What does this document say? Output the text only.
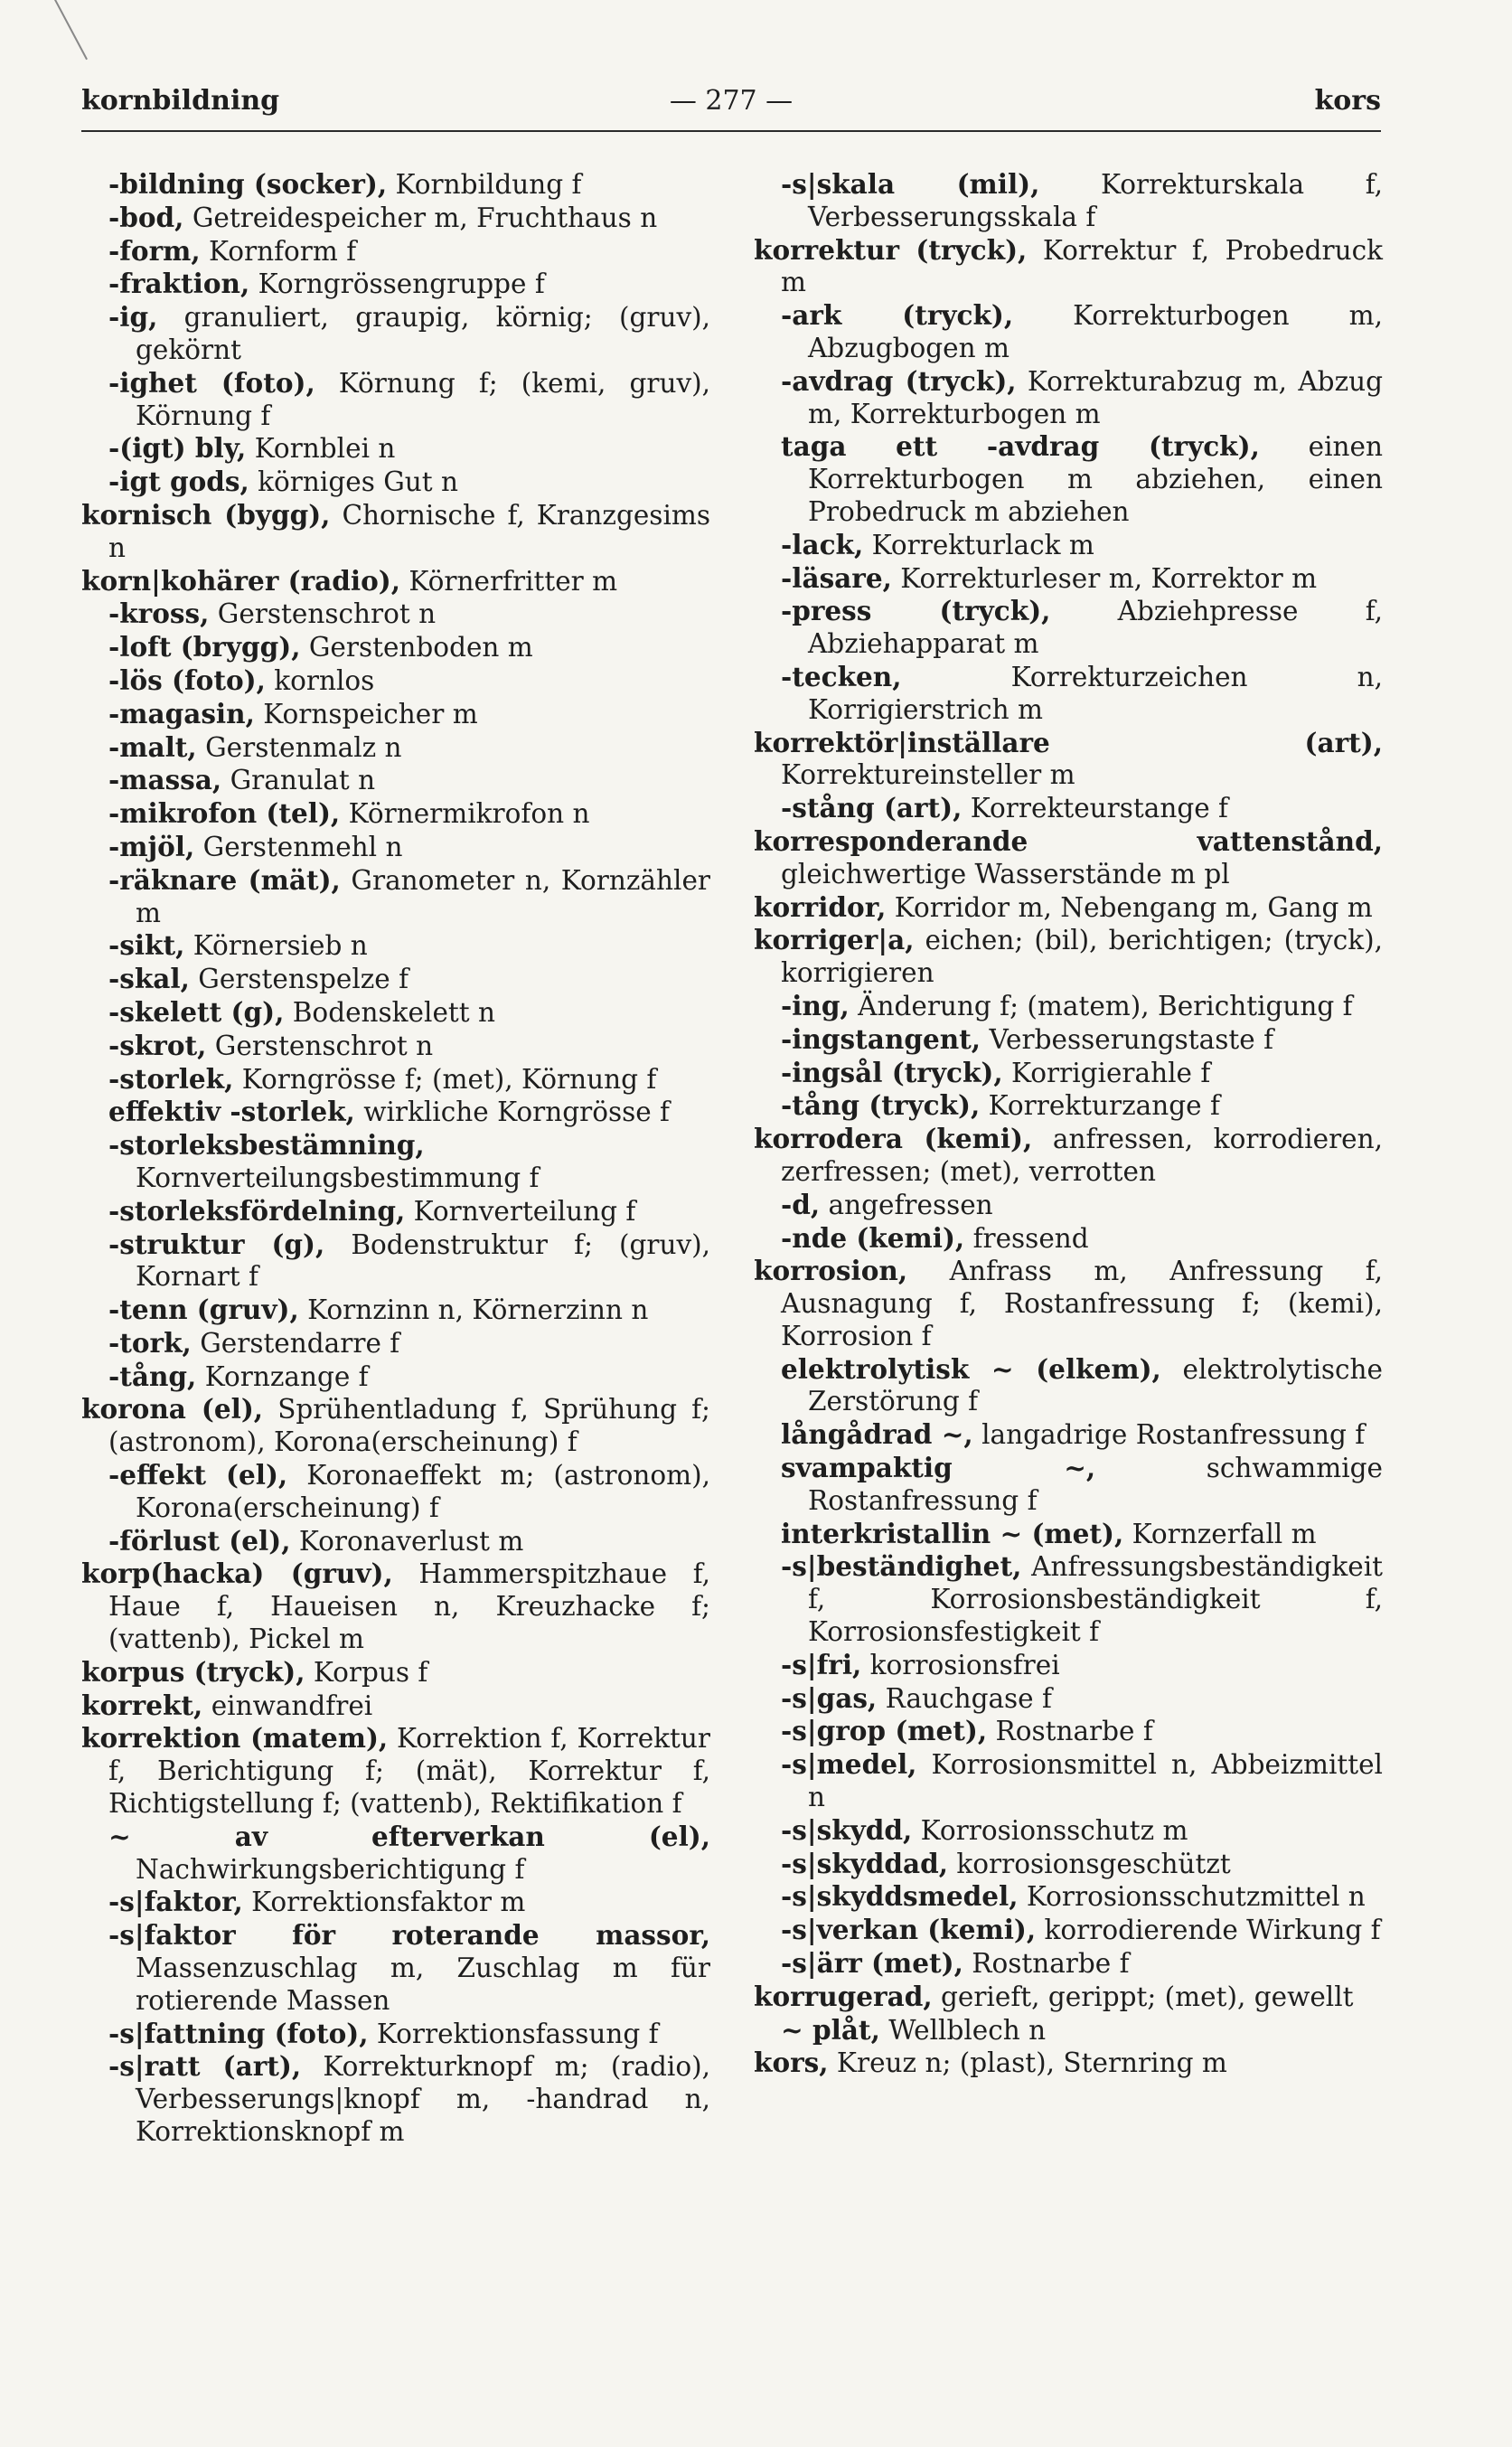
kornbildning	— 277 —	kors

-bildning (socker), Kornbildung f

-bod, Getreidespeicher m, Fruchthaus n

-form, Kornform f

-fraktion, Korngrössengruppe f

-ig, granuliert, graupig, körnig; (gruv), gekörnt

-ighet (foto), Körnung f; (kemi, gruv), Körnung f

-(igt) bly, Kornblei n

-igt gods, körniges Gut n

kornisch (bygg), Chornische f, Kranzgesims n

korn|kohärer (radio), Körnerfritter m

-kross, Gerstenschrot n

-loft (brygg), Gerstenboden m

-lös (foto), kornlos

-magasin, Kornspeicher m

-malt, Gerstenmalz n

-massa, Granulat n

-mikrofon (tel), Körnermikrofon n

-mjöl, Gerstenmehl n

-räknare (mät), Granometer n, Kornzähler m

-sikt, Körnersieb n

-skal, Gerstenspelze f

-skelett (g), Bodenskelett n

-skrot, Gerstenschrot n

-storlek, Korngrösse f; (met), Körnung f

effektiv -storlek, wirkliche Korngrösse f

-storleksbestämning, Kornverteilungsbestimmung f

-storleksfördelning, Kornverteilung f

-struktur (g), Bodenstruktur f; (gruv), Kornart f

-tenn (gruv), Kornzinn n, Körnerzinn n

-tork, Gerstendarre f

-tång, Kornzange f

korona (el), Sprühentladung f, Sprühung f; (astronom), Korona(erscheinung) f

-effekt (el), Koronaeffekt m; (astronom), Korona(erscheinung) f

-förlust (el), Koronaverlust m

korp(hacka) (gruv), Hammerspitzhaue f, Haue f, Haueisen n, Kreuzhacke f; (vattenb), Pickel m

korpus (tryck), Korpus f

korrekt, einwandfrei

korrektion (matem), Korrektion f, Korrektur f, Berichtigung f; (mät), Korrektur f, Richtigstellung f; (vattenb), Rektifikation f

~ av efterverkan (el), Nachwirkungsberichtigung f

-s|faktor, Korrektionsfaktor m

-s|faktor för roterande massor, Massenzuschlag m, Zuschlag m für rotierende Massen

-s|fattning (foto), Korrektionsfassung f

-s|ratt (art), Korrekturknopf m; (radio), Verbesserungs|knopf m, -handrad n, Korrektionsknopf m

-s|skala (mil), Korrekturskala f, Verbesserungsskala f

korrektur (tryck), Korrektur f, Probedruck m

-ark (tryck), Korrekturbogen m, Abzugbogen m

-avdrag (tryck), Korrekturabzug m, Abzug m, Korrekturbogen m

taga ett -avdrag (tryck), einen Korrekturbogen m abziehen, einen Probedruck m abziehen

-lack, Korrekturlack m

-läsare, Korrekturleser m, Korrektor m

-press (tryck), Abziehpresse f, Abziehapparat m

-tecken, Korrekturzeichen n, Korrigierstrich m

korrektör|inställare (art), Korrektureinsteller m

-stång (art), Korrekteurstange f

korresponderande vattenstånd, gleichwertige Wasserstände m pl

korridor, Korridor m, Nebengang m, Gang m

korriger|a, eichen; (bil), berichtigen; (tryck), korrigieren

-ing, Änderung f; (matem), Berichtigung f

-ingstangent, Verbesserungstaste f

-ingsål (tryck), Korrigierahle f

-tång (tryck), Korrekturzange f

korrodera (kemi), anfressen, korrodieren, zerfressen; (met), verrotten

-d, angefressen

-nde (kemi), fressend

korrosion, Anfrass m, Anfressung f, Ausnagung f, Rostanfressung f; (kemi), Korrosion f

elektrolytisk ~ (elkem), elektrolytische Zerstörung f

långådrad ~, langadrige Rostanfressung f

svampaktig ~, schwammige Rostanfressung f

interkristallin ~ (met), Kornzerfall m

-s|beständighet, Anfressungsbeständigkeit f, Korrosionsbeständigkeit f, Korrosionsfestigkeit f

-s|fri, korrosionsfrei

-s|gas, Rauchgase f

-s|grop (met), Rostnarbe f

-s|medel, Korrosionsmittel n, Abbeizmittel n

-s|skydd, Korrosionsschutz m

-s|skyddad, korrosionsgeschützt

-s|skyddsmedel, Korrosionsschutzmittel n

-s|verkan (kemi), korrodierende Wirkung f

-s|ärr (met), Rostnarbe f

korrugerad, gerieft, gerippt; (met), gewellt

~ plåt, Wellblech n

kors, Kreuz n; (plast), Sternring m
